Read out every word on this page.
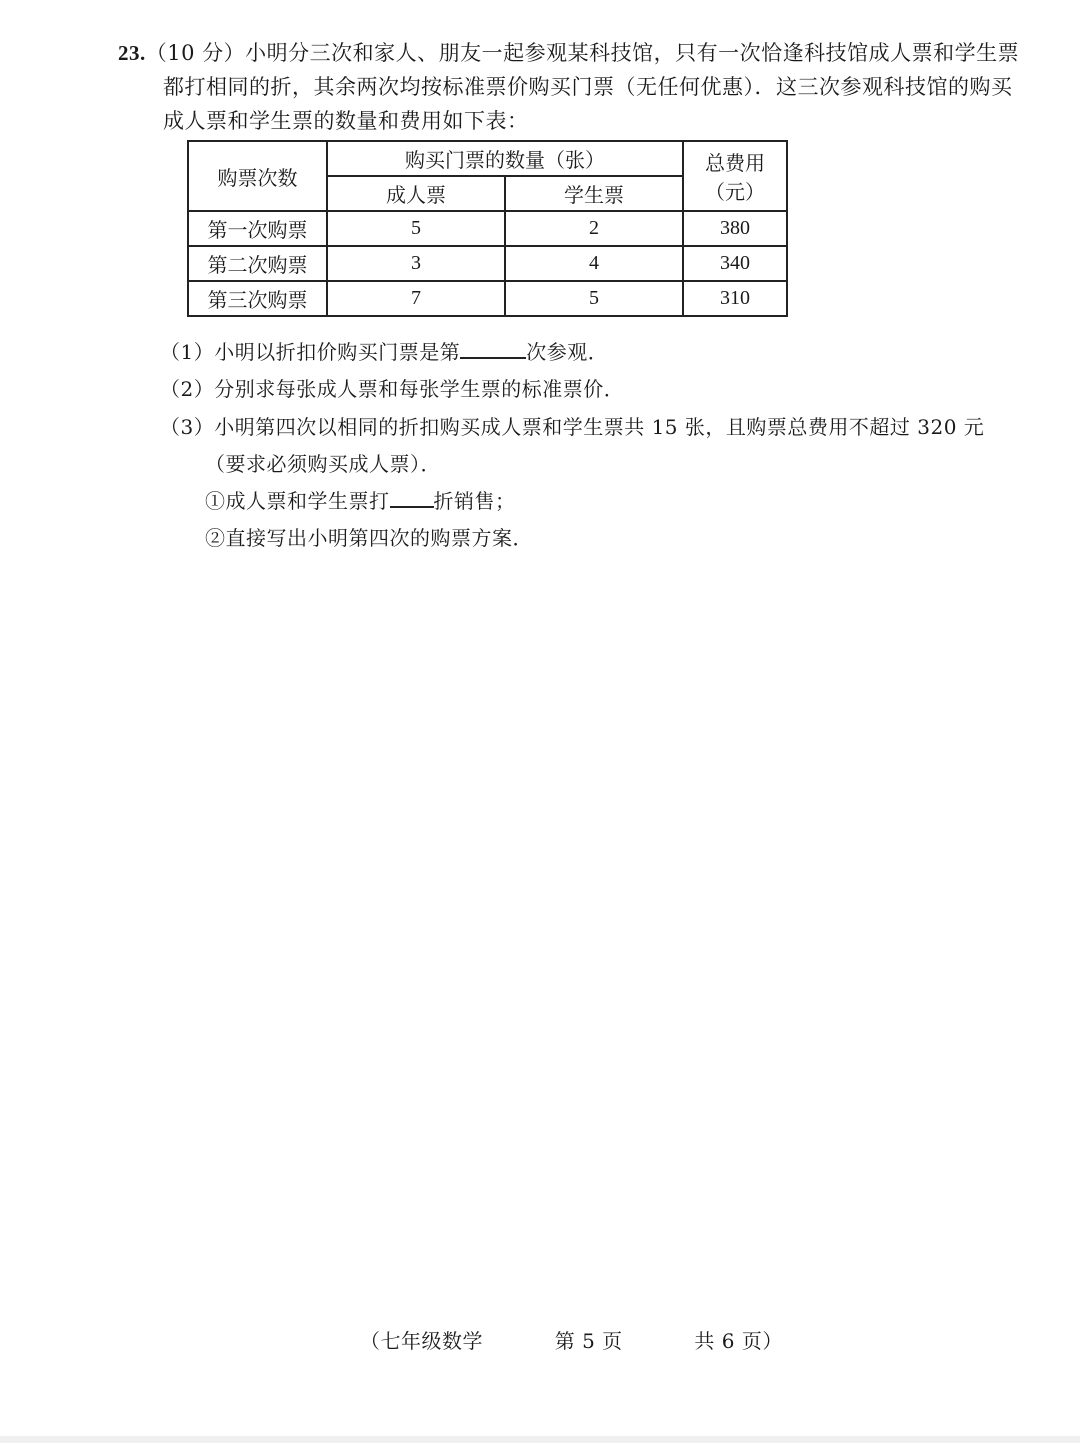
23.（10 分）小明分三次和家人、朋友一起参观某科技馆，只有一次恰逢科技馆成人票和学生票
都打相同的折，其余两次均按标准票价购买门票（无任何优惠）．这三次参观科技馆的购买
成人票和学生票的数量和费用如下表：
购票次数	购买门票的数量（张）		总费用
（元）

	成人票	学生票	
第一次购票	5	2	380
第二次购票	3	4	340
第三次购票	7	5	310
（1）小明以折扣价购买门票是第	次参观．
（2）分别求每张成人票和每张学生票的标准票价．
（3）小明第四次以相同的折扣购买成人票和学生票共 15 张，且购票总费用不超过 320 元
（要求必须购买成人票）．
①成人票和学生票打 折销售；
②直接写出小明第四次的购票方案．
（七年级数学	第 5 页	共 6 页）
